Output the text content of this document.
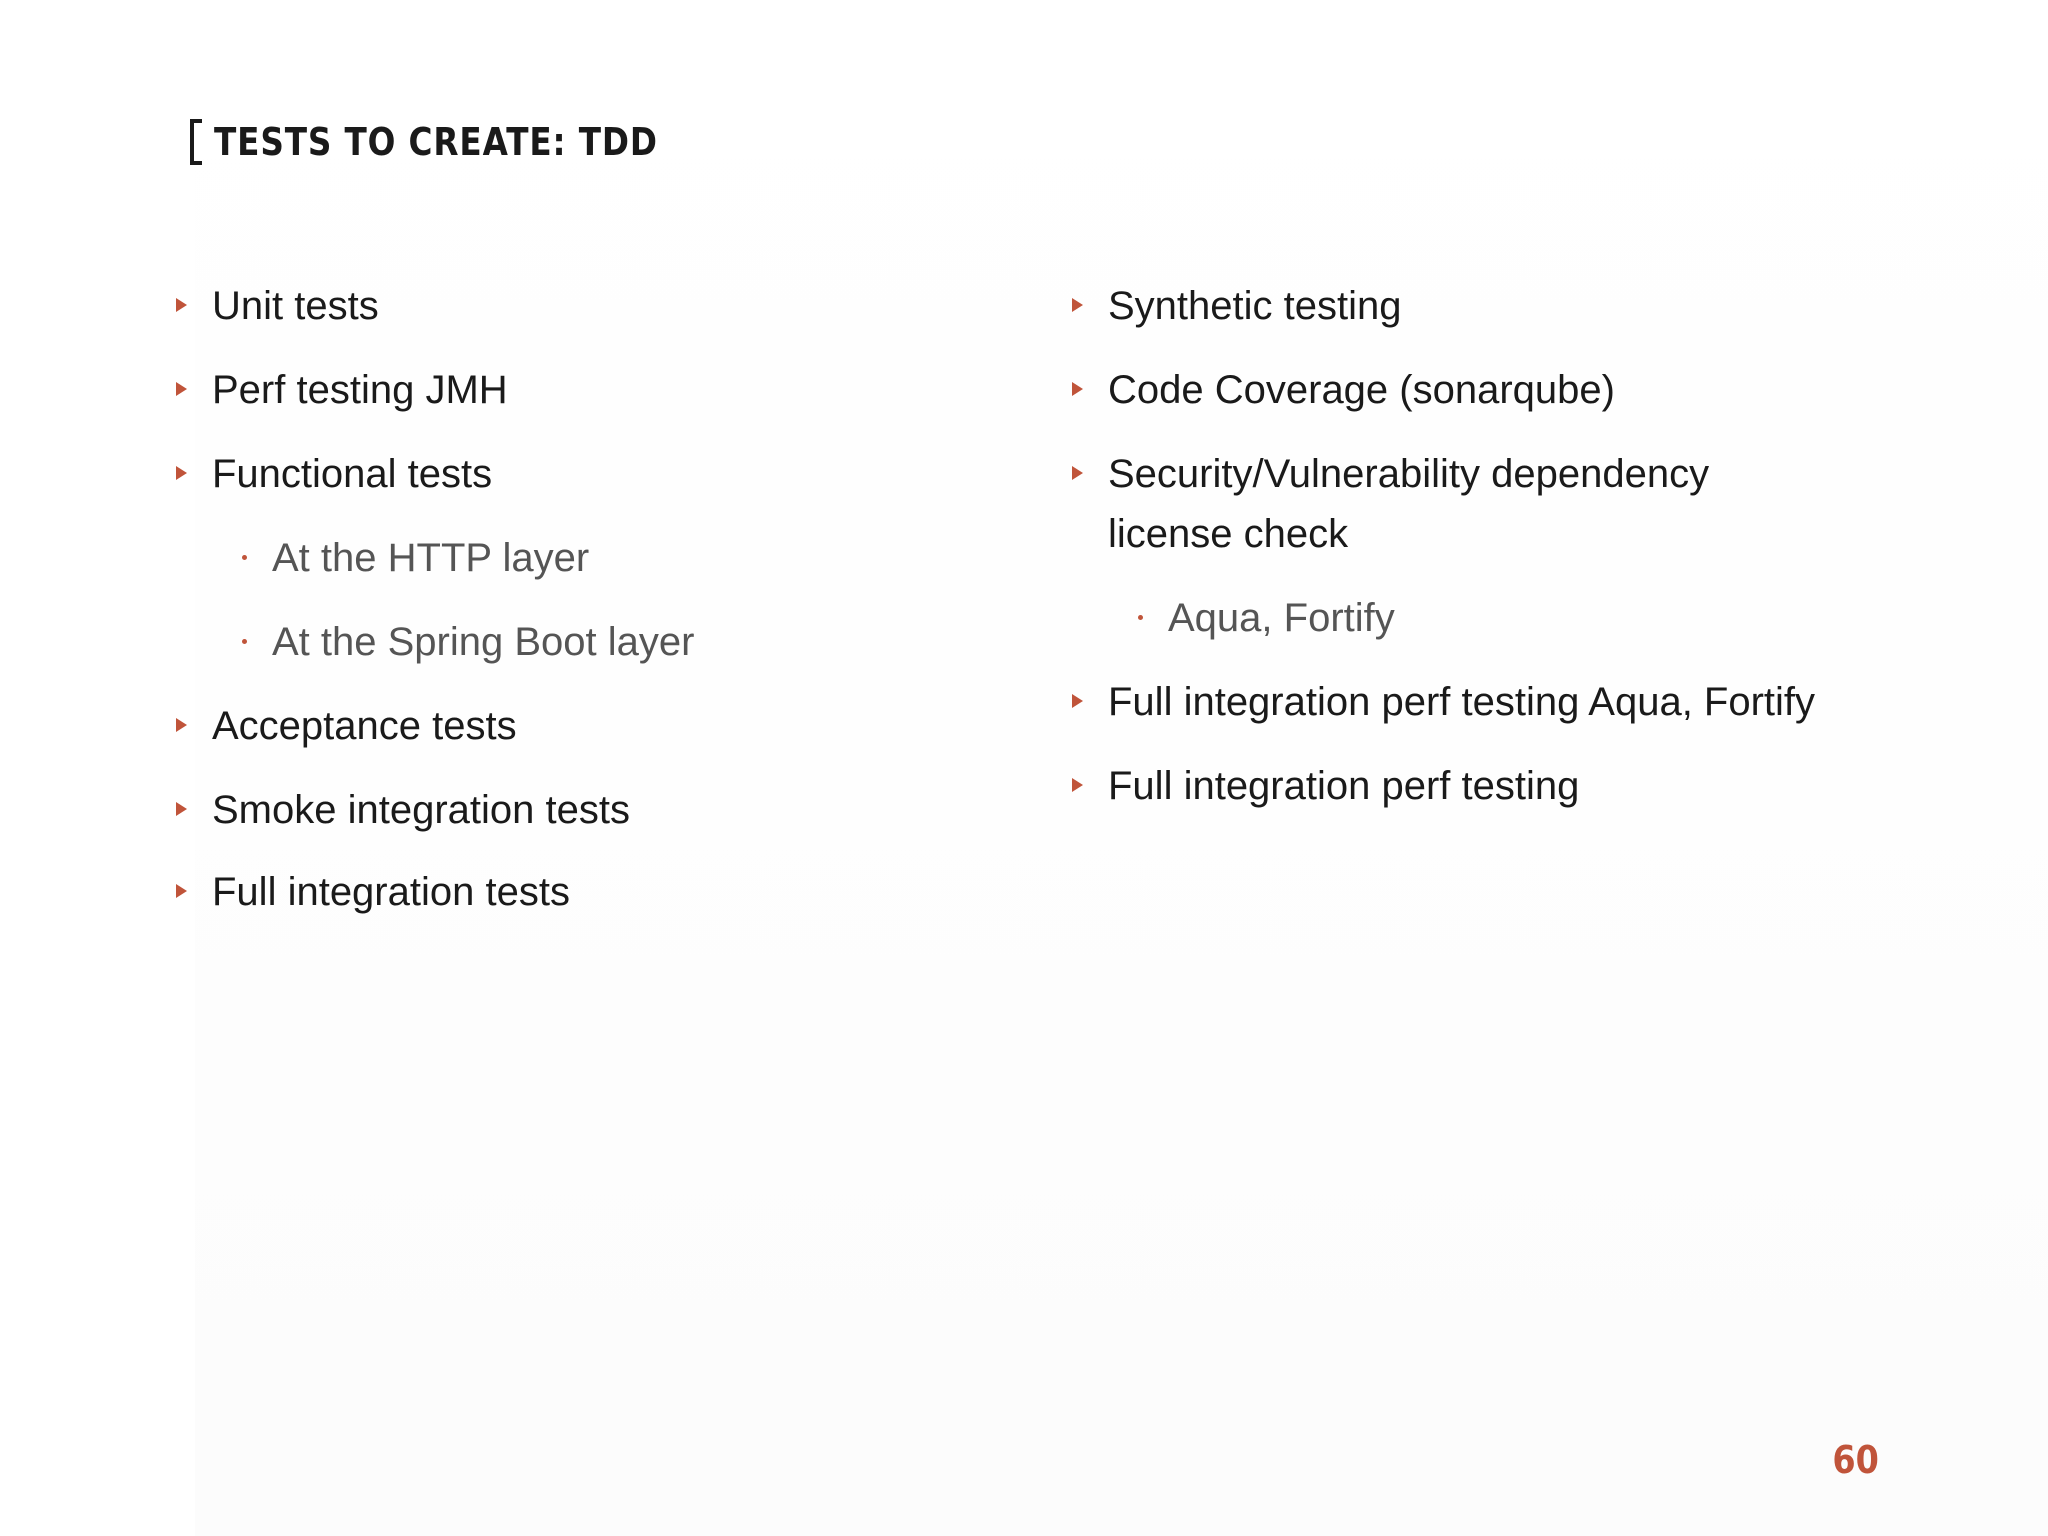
TESTS TO CREATE: TDD
Unit tests
Perf testing JMH
Functional tests
At the HTTP layer
At the Spring Boot layer
Acceptance tests
Smoke integration tests
Full integration tests
Synthetic testing
Code Coverage (sonarqube)
Security/Vulnerability dependency license check
Aqua, Fortify
Full integration perf testing Aqua, Fortify
Full integration perf testing
60
